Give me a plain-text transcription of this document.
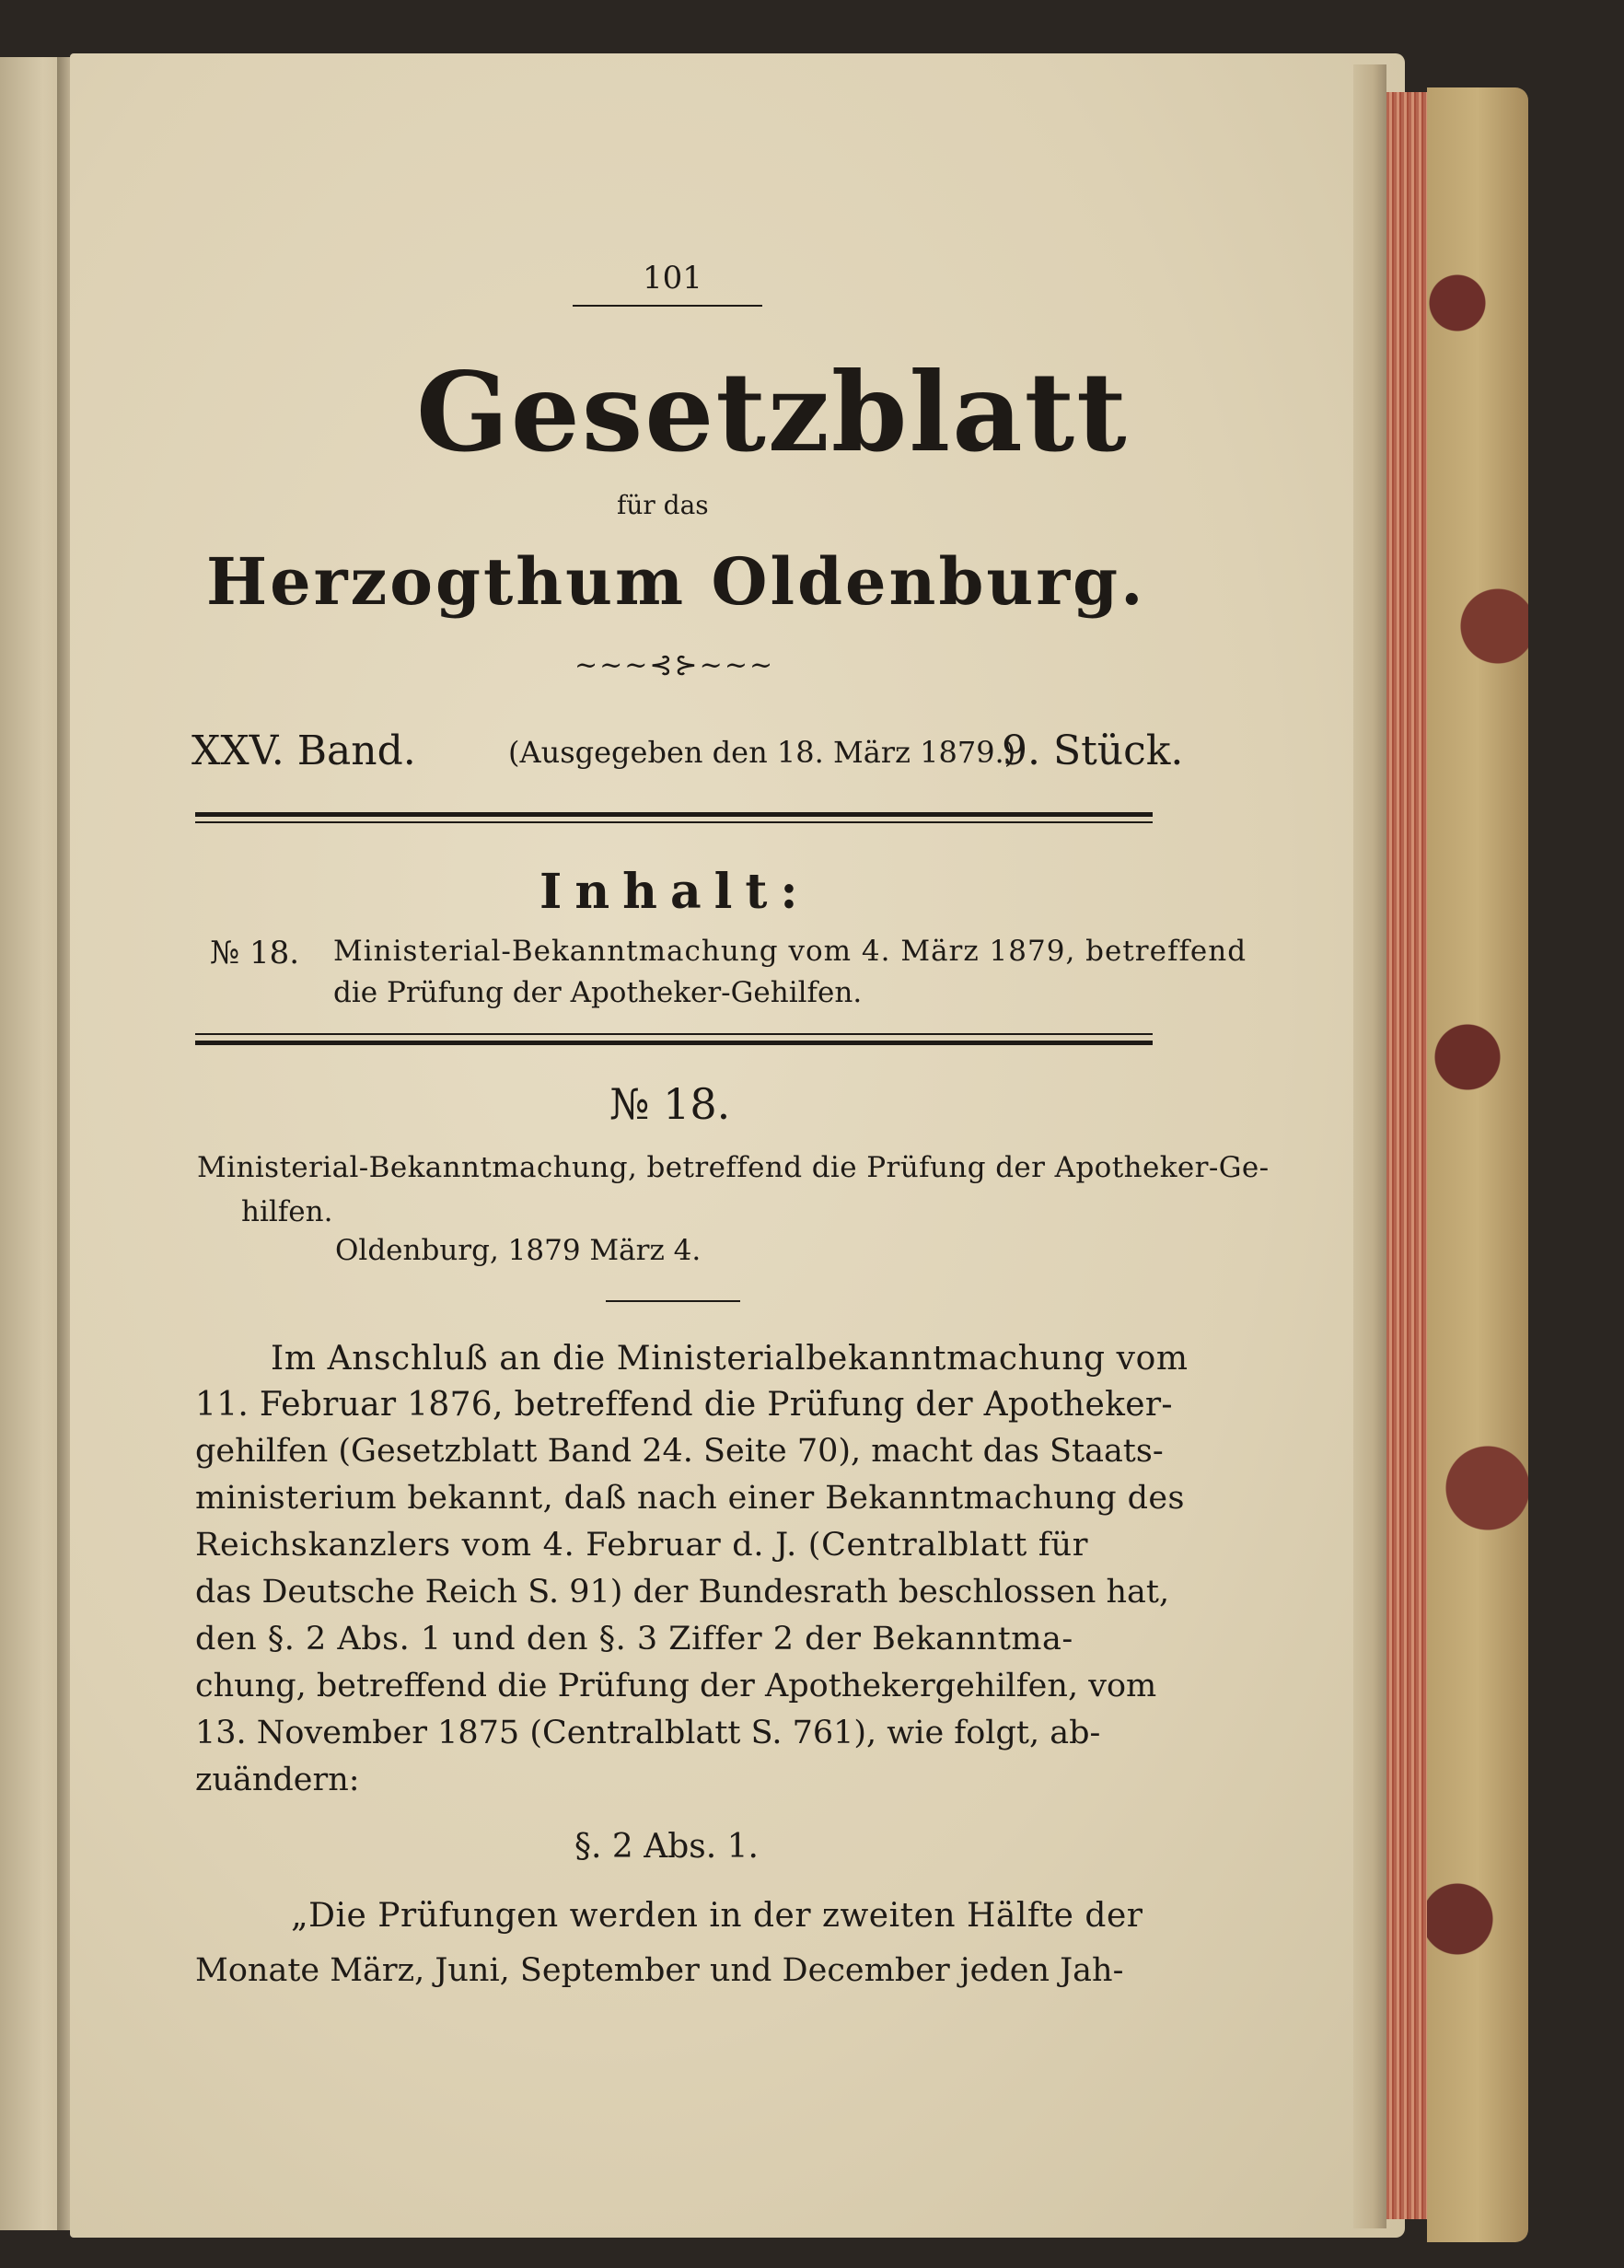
101
Gesetzblatt
für das
Herzogthum Oldenburg.
~~~⊰⊱~~~
XXV. Band.	(Ausgegeben den 18. März 1879.)
9. Stück.
Inhalt:
№ 18. Ministerial-Bekanntmachung vom 4. März 1879, betreffend
die Prüfung der Apotheker-Gehilfen.
№ 18.
Ministerial-Bekanntmachung, betreffend die Prüfung der Apotheker-Ge-
hilfen.
Oldenburg, 1879 März 4.
Im Anschluß an die Ministerialbekanntmachung vom
11. Februar 1876, betreffend die Prüfung der Apotheker-
gehilfen (Gesetzblatt Band 24. Seite 70), macht das Staats-
ministerium bekannt, daß nach einer Bekanntmachung des
Reichskanzlers vom 4. Februar d. J. (Centralblatt für
das Deutsche Reich S. 91) der Bundesrath beschlossen hat,
den §. 2 Abs. 1 und den §. 3 Ziffer 2 der Bekanntma-
chung, betreffend die Prüfung der Apothekergehilfen, vom
13. November 1875 (Centralblatt S. 761), wie folgt, ab-
zuändern:
§. 2 Abs. 1.
„Die Prüfungen werden in der zweiten Hälfte der
Monate März, Juni, September und December jeden Jah-
